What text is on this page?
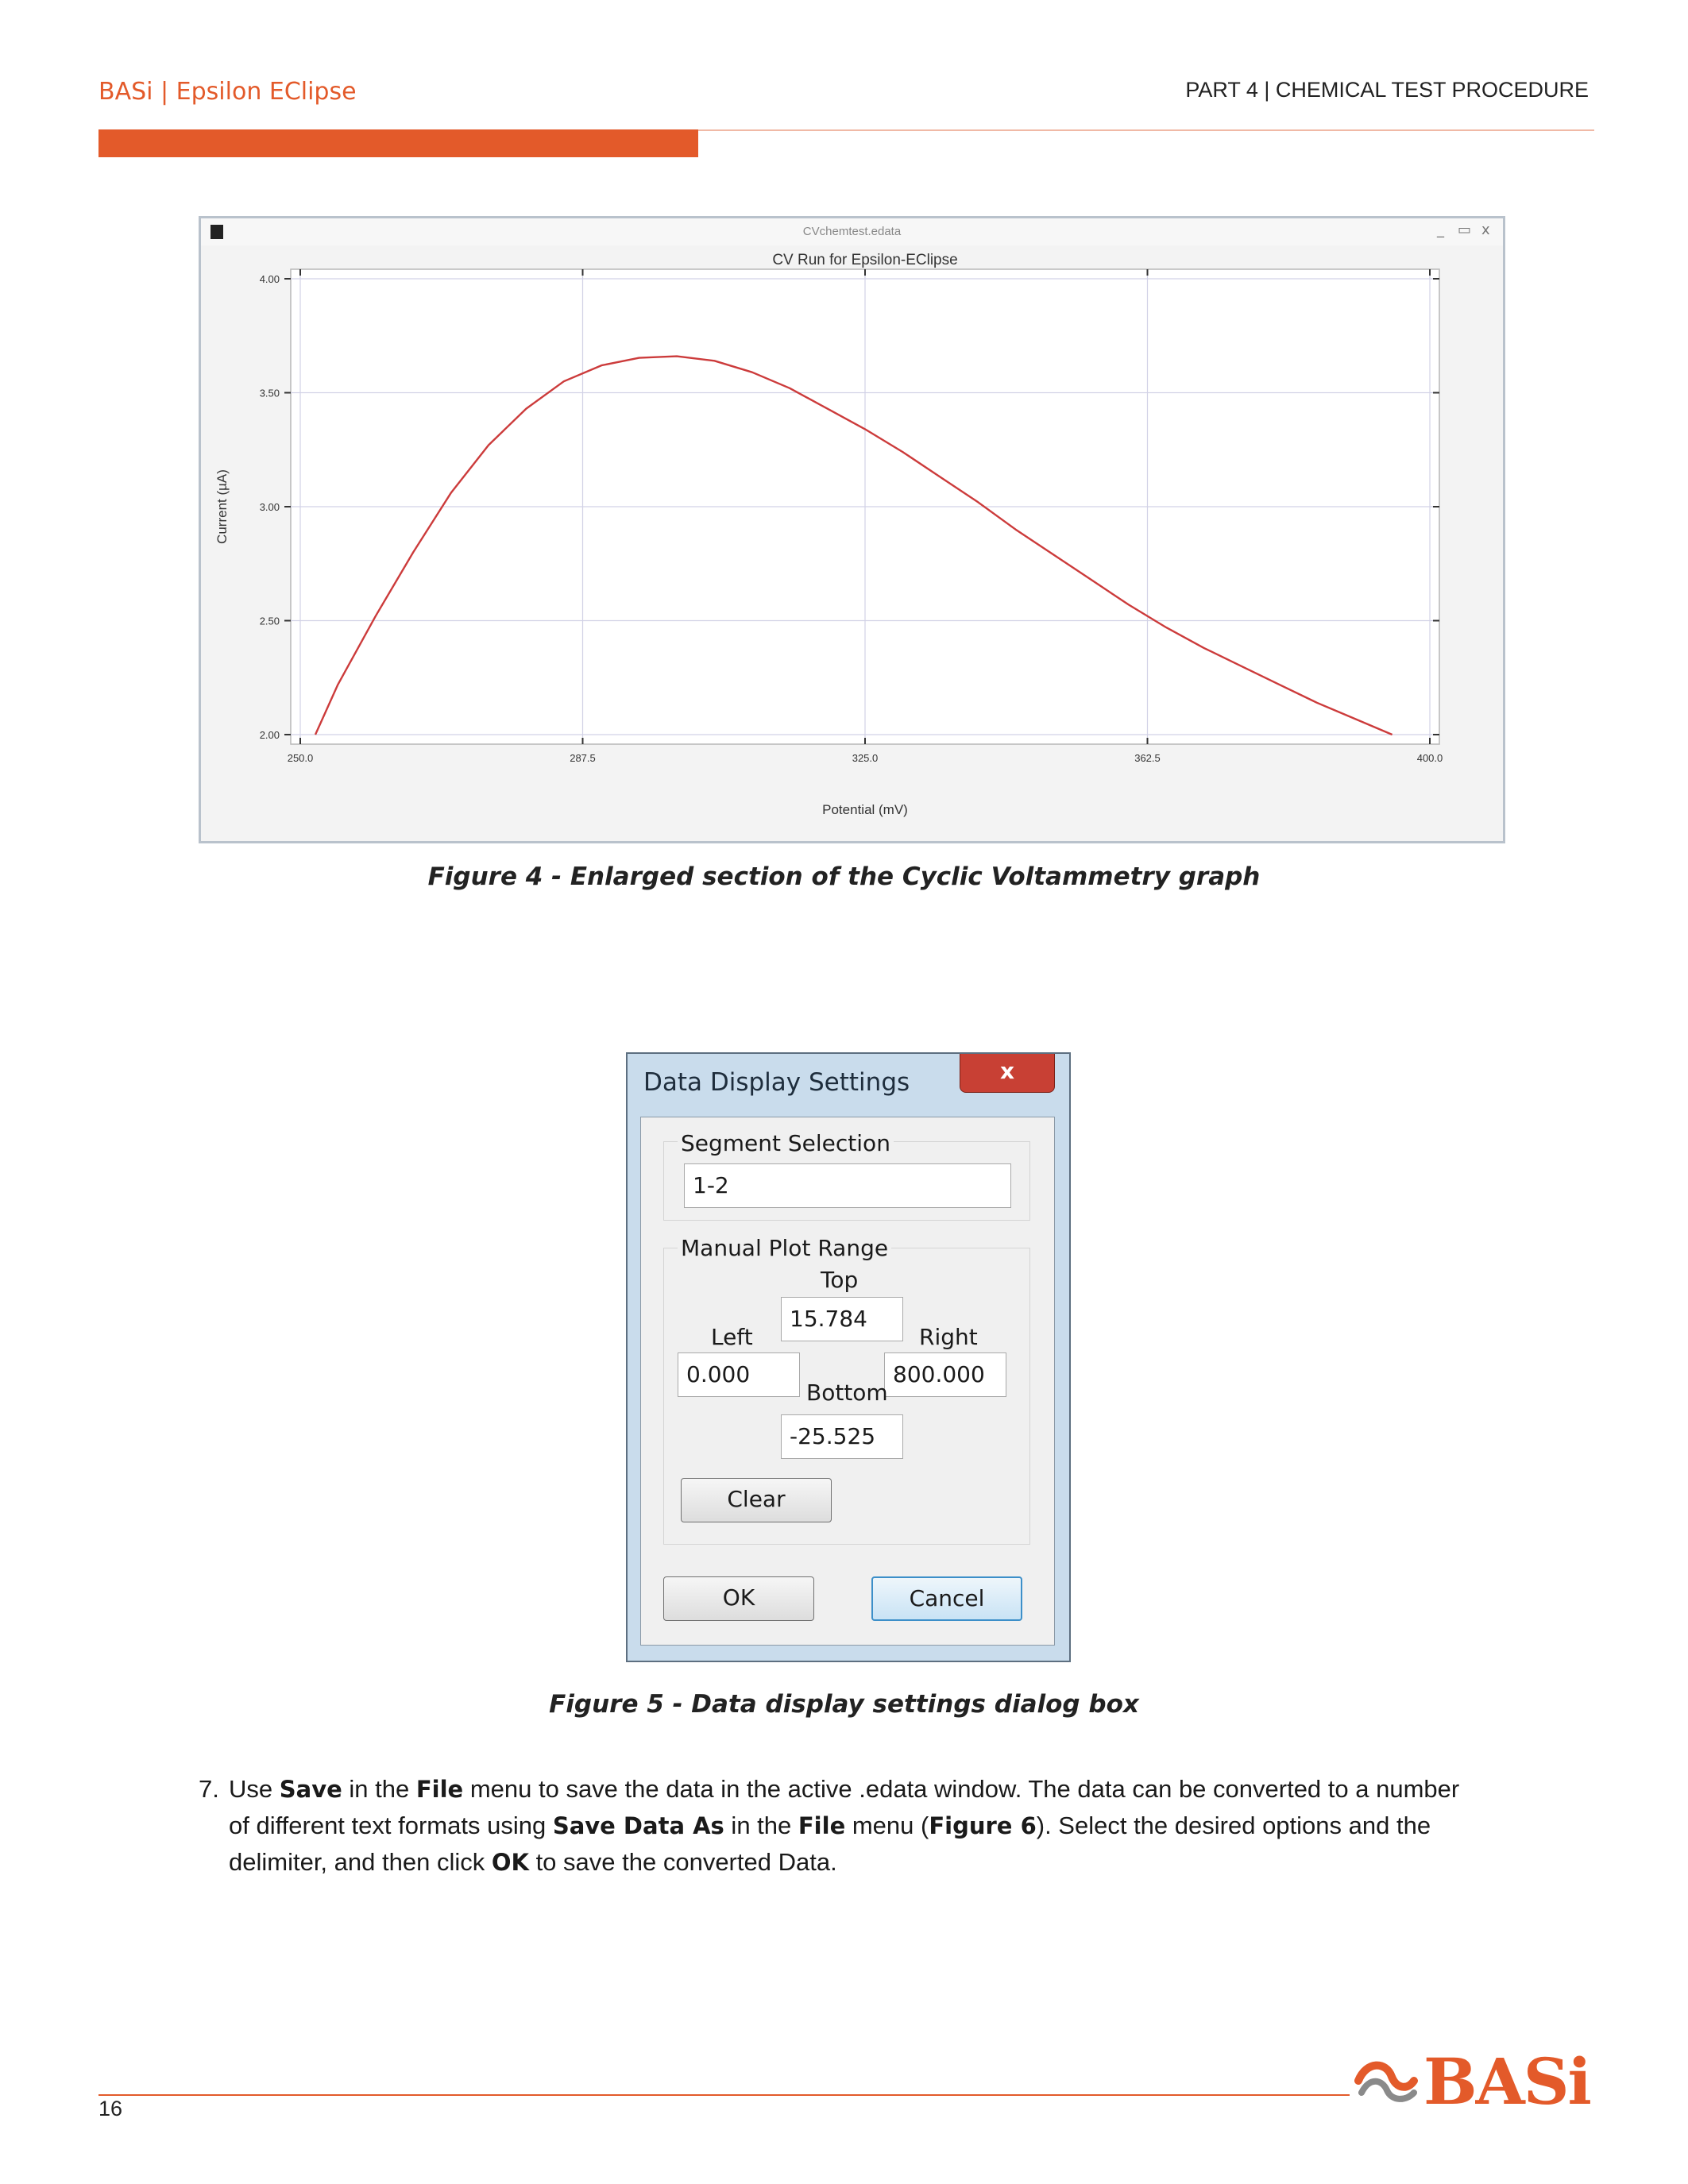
BASi | Epsilon EClipse	PART 4 | CHEMICAL TEST PROCEDURE
CVchemtest.edata	_ ▭ x
CV Run for Epsilon-EClipse
Potential (mV)
Current (µA)
250.0	287.5	325.0	362.5	400.0
2.00
2.50
3.00
3.50
4.00
Figure 4 - Enlarged section of the Cyclic Voltammetry graph
Data Display Settings	x
Segment Selection
1-2
Manual Plot Range
Top
15.784
Left	Right
0.000	800.000
Bottom
-25.525
Clear
OK	Cancel
Figure 5 - Data display settings dialog box
7. Use Save in the File menu to save the data in the active .edata window. The data can be converted to a number
of different text formats using Save Data As in the File menu (Figure 6). Select the desired options and the
delimiter, and then click OK to save the converted Data.
16	BASi
